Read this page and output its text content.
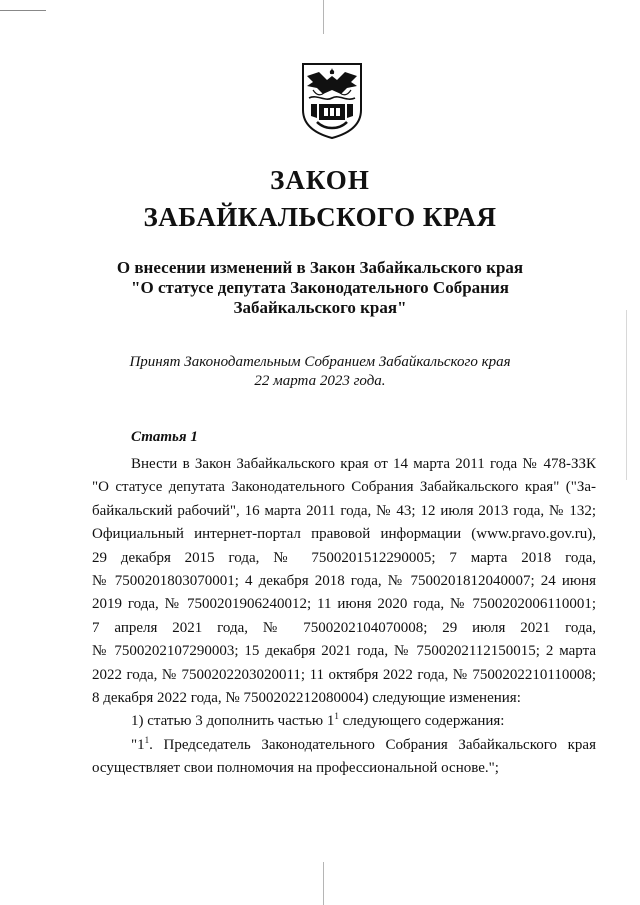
ЗАКОН
ЗАБАЙКАЛЬСКОГО КРАЯ
О внесении изменений в Закон Забайкальского края
"О статусе депутата Законодательного Собрания
Забайкальского края"
Принят Законодательным Собранием Забайкальского края
22 марта 2023 года.
Статья 1
Внести в Закон Забайкальского края от 14 марта 2011 года № 478-ЗЗК
"О статусе депутата Законодательного Собрания Забайкальского края" ("За-
байкальский рабочий", 16 марта 2011 года, № 43; 12 июля 2013 года, № 132;
Официальный интернет-портал правовой информации (www.pravo.gov.ru),
29 декабря 2015 года, № 7500201512290005; 7 марта 2018 года,
№ 7500201803070001; 4 декабря 2018 года, № 7500201812040007; 24 июня
2019 года, № 7500201906240012; 11 июня 2020 года, № 7500202006110001;
7 апреля 2021 года, № 7500202104070008; 29 июля 2021 года,
№ 7500202107290003; 15 декабря 2021 года, № 7500202112150015; 2 марта
2022 года, № 7500202203020011; 11 октября 2022 года, № 7500202210110008;
8 декабря 2022 года, № 7500202212080004) следующие изменения:
1) статью 3 дополнить частью $1^1$ следующего содержания:
"$1^1$. Председатель Законодательного Собрания Забайкальского края
осуществляет свои полномочия на профессиональной основе.";
